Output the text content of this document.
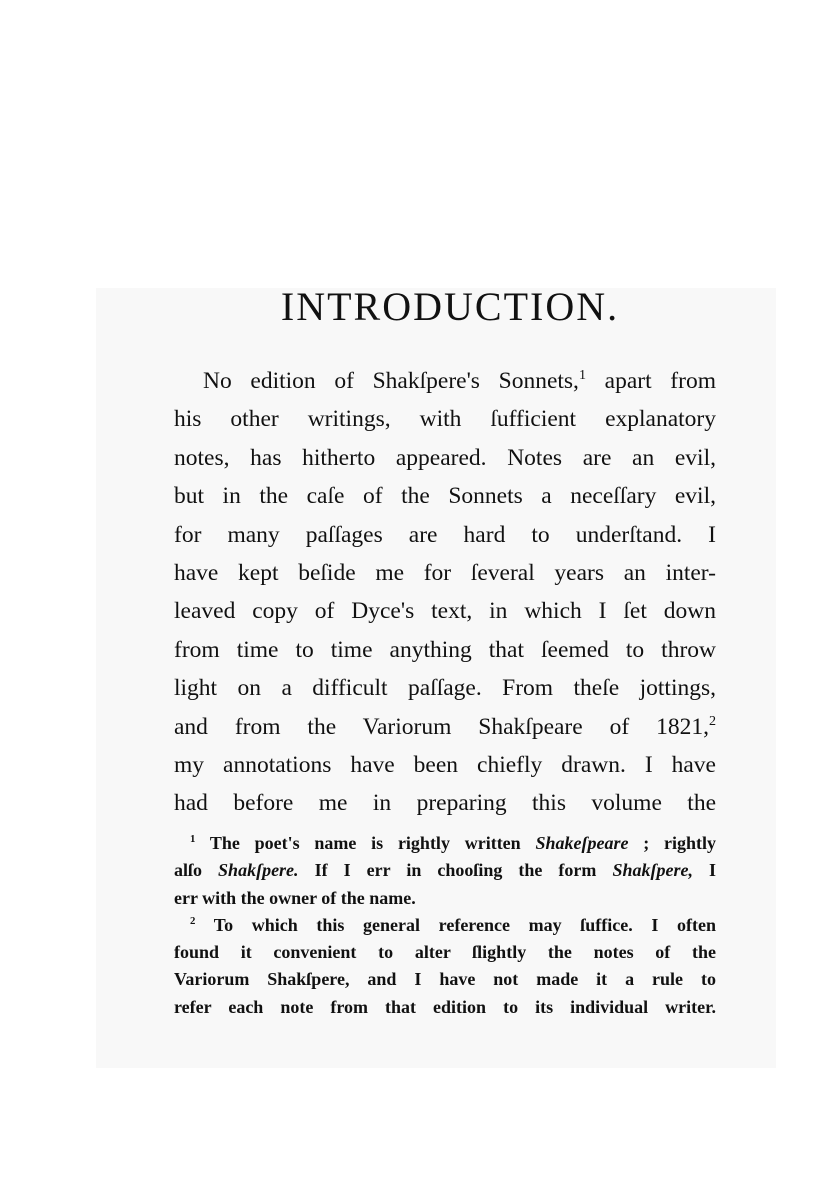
INTRODUCTION.
No edition of Shakſpere's Sonnets,$^1$ apart from
his other writings, with ſufficient explanatory
notes, has hitherto appeared. Notes are an evil,
but in the caſe of the Sonnets a neceſſary evil,
for many paſſages are hard to underſtand. I
have kept beſide me for ſeveral years an inter-
leaved copy of Dyce's text, in which I ſet down
from time to time anything that ſeemed to throw
light on a difficult paſſage. From theſe jottings,
and from the Variorum Shakſpeare of 1821,$^2$
my annotations have been chiefly drawn. I have
had before me in preparing this volume the
$^1$ The poet's name is rightly written Shakeſpeare ; rightly
alſo Shakſpere. If I err in chooſing the form Shakſpere, I
err with the owner of the name.
$^2$ To which this general reference may ſuffice. I often
found it convenient to alter ſlightly the notes of the
Variorum Shakſpere, and I have not made it a rule to
refer each note from that edition to its individual writer.
